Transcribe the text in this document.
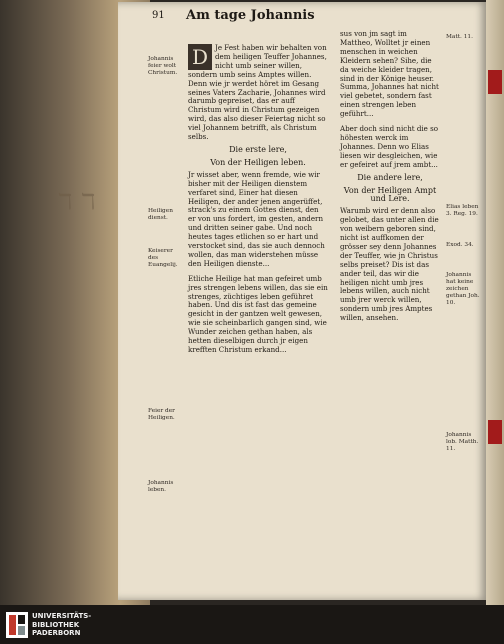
ℸ ℸ
91 Am tage Johannis
Johannis feier wolt Christum.
Heiligen dienst.
Keiserer des Euangelij.
Feier der Heiligen.
Johannis leben.
D Je Fest haben wir behalten von dem heiligen Teuffer Johannes, nicht umb seiner willen, sondern umb seins Amptes willen. Denn wie jr werdet höret im Gesang seines Vaters Zacharie, Johannes wird darumb gepreiset, das er auff Christum wird in Christum gezeigen wird, das also dieser Feiertag nicht so viel Johannem betrifft, als Christum selbs.

Die erste lere,
Von der Heiligen leben.

Jr wisset aber, wenn fremde, wie wir bisher mit der Heiligen dienstem verfaret sind, Einer hat diesen Heiligen, der ander jenen angerüffet, strack's zu einem Gottes dienst, den er von uns fordert, im gesten, andern und dritten seiner gabe. Und noch heutes tages etlichen so er hart und verstocket sind, das sie auch dennoch wollen, das man widerstehen müsse den Heiligen dienste...

Etliche Heilige hat man gefeiret umb jres strengen lebens willen, das sie ein strenges, züchtiges leben geführet haben. Und dis ist fast das gemeine gesicht in der gantzen welt gewesen, wie sie scheinbarlich gangen sind, wie Wunder zeichen gethan haben, als hetten dieselbigen durch jr eigen krefften Christum erkand...

sus von jm sagt im Mattheo, Wolltet jr einen menschen in weichen Kleidern sehen? Sihe, die da weiche kleider tragen, sind in der Könige heuser. Summa, Johannes hat nicht viel gebetet, sondern fast einen strengen leben geführt...

Aber doch sind nicht die so höhesten werck im Johannes. Denn wo Elias liesen wir desgleichen, wie er gefeiret auf jrem ambt...

Die andere lere,
Von der Heiligen Ampt und Lere.

Warumb wird er denn also gelobet, das unter allen die von weibern geboren sind, nicht ist auffkomen der grösser sey denn Johannes der Teuffer, wie jn Christus selbs preiset? Dis ist das ander teil, das wir die heiligen nicht umb jres lebens willen, auch nicht umb jrer werck willen, sondern umb jres Amptes willen, ansehen.

Matt. 11.
Elias leben 3. Reg. 19.
Exod. 34.
Johannis hat keine zeichen gethan Joh. 10.
Johannis lob. Matth. 11.
UNIVERSITÄTS-
BIBLIOTHEK
PADERBORN
